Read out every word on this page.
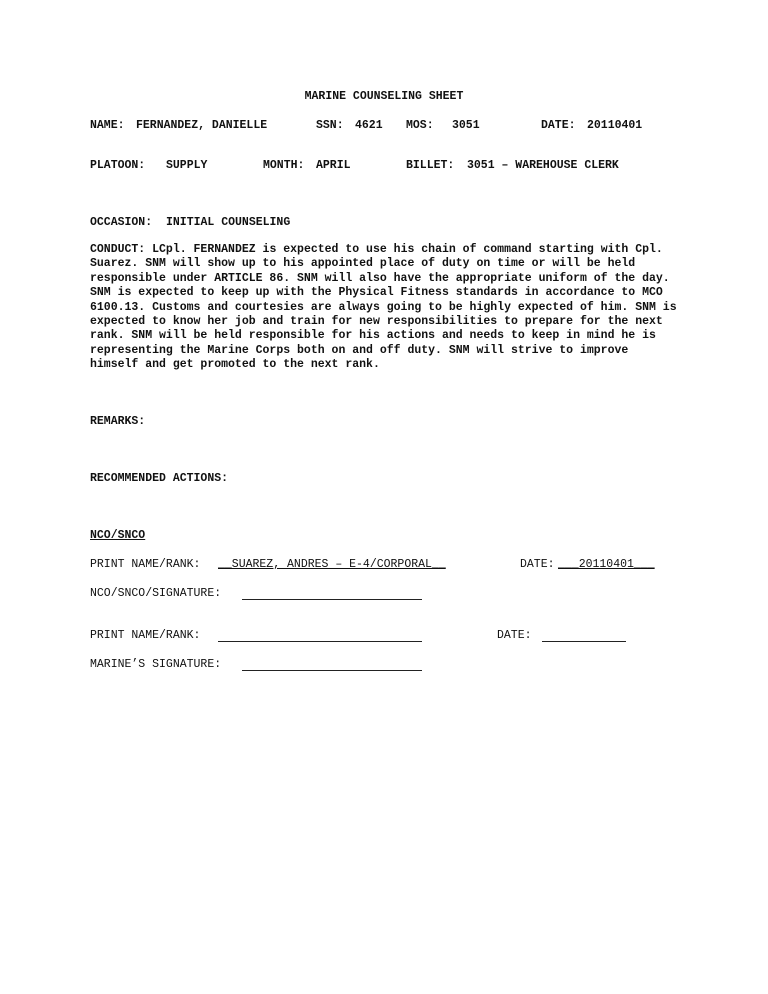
MARINE COUNSELING SHEET
NAME: FERNANDEZ, DANIELLE	SSN: 4621 MOS: 3051	DATE: 20110401
PLATOON: SUPPLY	MONTH: APRIL	BILLET: 3051 – WAREHOUSE CLERK
OCCASION: INITIAL COUNSELING
CONDUCT: LCpl. FERNANDEZ is expected to use his chain of command starting with Cpl. Suarez. SNM will show up to his appointed place of duty on time or will be held responsible under ARTICLE 86. SNM will also have the appropriate uniform of the day. SNM is expected to keep up with the Physical Fitness standards in accordance to MCO 6100.13. Customs and courtesies are always going to be highly expected of him. SNM is expected to know her job and train for new responsibilities to prepare for the next rank. SNM will be held responsible for his actions and needs to keep in mind he is representing the Marine Corps both on and off duty. SNM will strive to improve himself and get promoted to the next rank.
REMARKS:
RECOMMENDED ACTIONS:
NCO/SNCO
PRINT NAME/RANK: __SUAREZ, ANDRES – E-4/CORPORAL__	DATE: ___20110401___
NCO/SNCO/SIGNATURE:
PRINT NAME/RANK:	DATE:
MARINE’S SIGNATURE:
